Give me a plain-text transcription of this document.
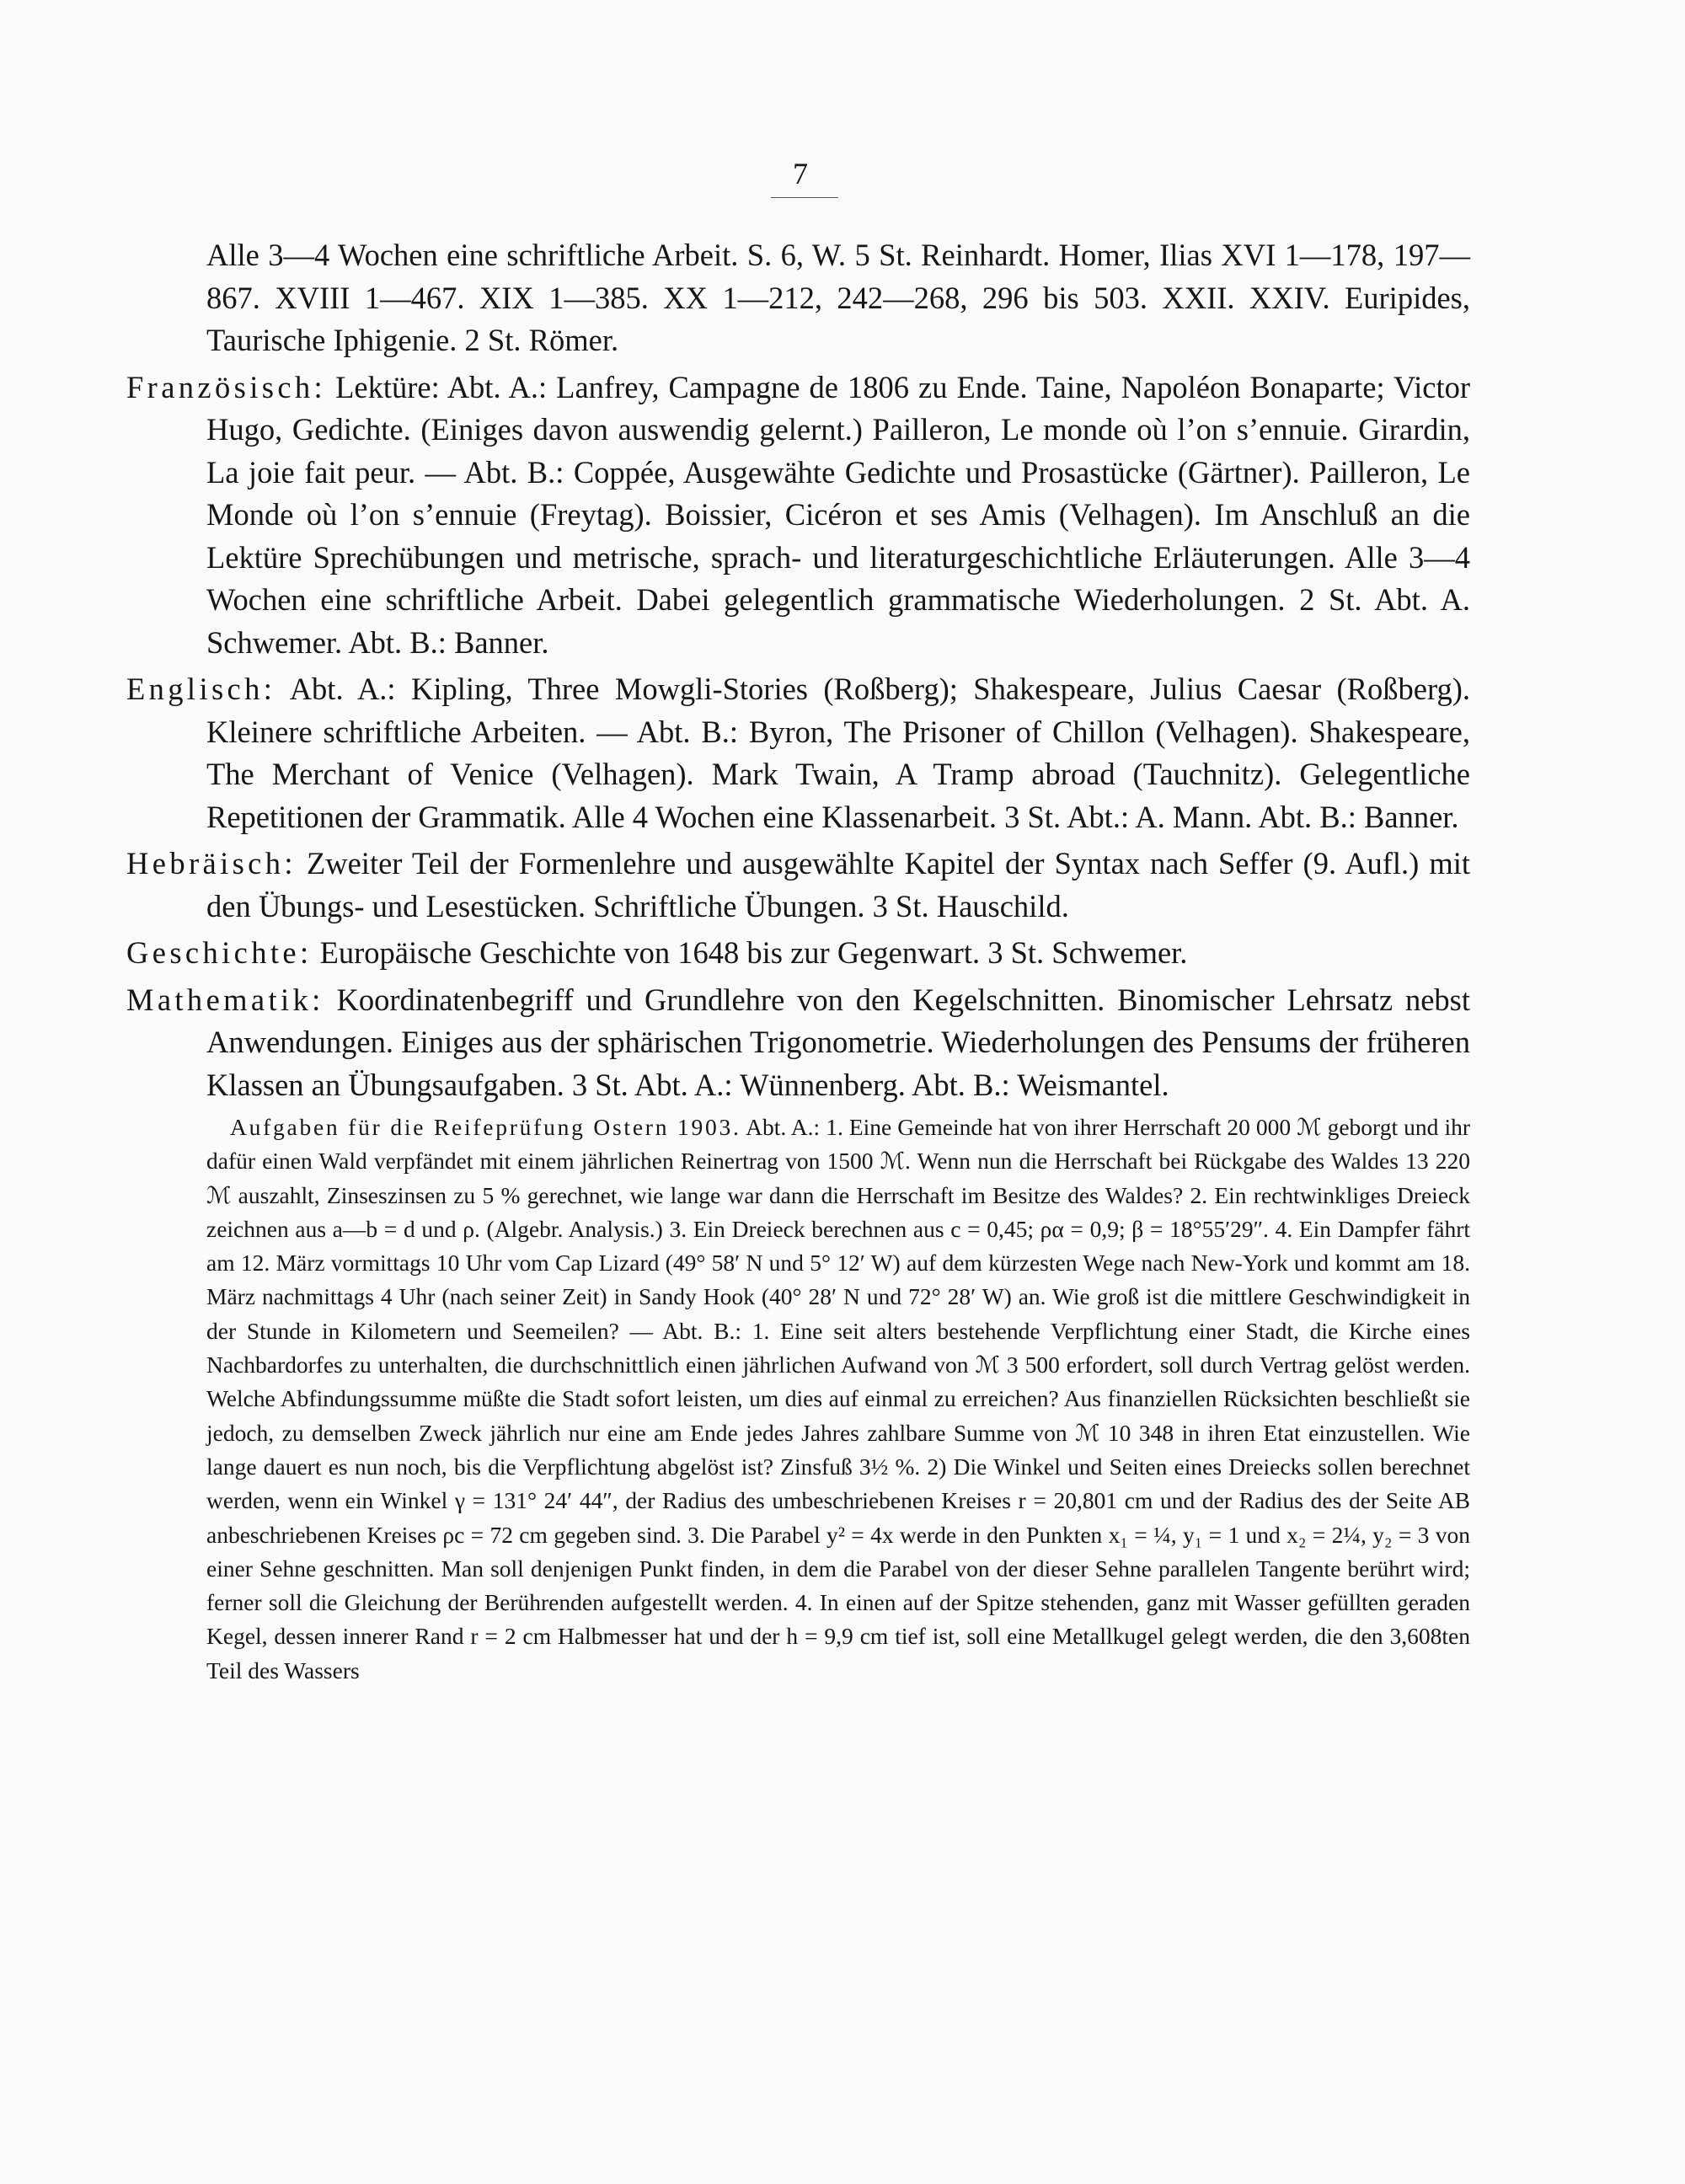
7

Alle 3—4 Wochen eine schriftliche Arbeit. S. 6, W. 5 St. Reinhardt. Homer, Ilias XVI 1—178, 197—867. XVIII 1—467. XIX 1—385. XX 1—212, 242—268, 296 bis 503. XXII. XXIV. Euripides, Taurische Iphigenie. 2 St. Römer.

Französisch: Lektüre: Abt. A.: Lanfrey, Campagne de 1806 zu Ende. Taine, Napoléon Bonaparte; Victor Hugo, Gedichte. (Einiges davon auswendig gelernt.) Pailleron, Le monde où l’on s’ennuie. Girardin, La joie fait peur. — Abt. B.: Coppée, Ausgewähte Gedichte und Prosastücke (Gärtner). Pailleron, Le Monde où l’on s’ennuie (Freytag). Boissier, Cicéron et ses Amis (Velhagen). Im Anschluß an die Lektüre Sprechübungen und metrische, sprach- und literaturgeschichtliche Erläuterungen. Alle 3—4 Wochen eine schriftliche Arbeit. Dabei gelegentlich grammatische Wiederholungen. 2 St. Abt. A. Schwemer. Abt. B.: Banner.

Englisch: Abt. A.: Kipling, Three Mowgli-Stories (Roßberg); Shakespeare, Julius Caesar (Roßberg). Kleinere schriftliche Arbeiten. — Abt. B.: Byron, The Prisoner of Chillon (Velhagen). Shakespeare, The Merchant of Venice (Velhagen). Mark Twain, A Tramp abroad (Tauchnitz). Gelegentliche Repetitionen der Grammatik. Alle 4 Wochen eine Klassenarbeit. 3 St. Abt.: A. Mann. Abt. B.: Banner.

Hebräisch: Zweiter Teil der Formenlehre und ausgewählte Kapitel der Syntax nach Seffer (9. Aufl.) mit den Übungs- und Lesestücken. Schriftliche Übungen. 3 St. Hauschild.

Geschichte: Europäische Geschichte von 1648 bis zur Gegenwart. 3 St. Schwemer.

Mathematik: Koordinatenbegriff und Grundlehre von den Kegelschnitten. Binomischer Lehrsatz nebst Anwendungen. Einiges aus der sphärischen Trigonometrie. Wiederholungen des Pensums der früheren Klassen an Übungsaufgaben. 3 St. Abt. A.: Wünnenberg. Abt. B.: Weismantel.

Aufgaben für die Reifeprüfung Ostern 1903. Abt. A.: 1. Eine Gemeinde hat von ihrer Herrschaft 20 000 ℳ geborgt und ihr dafür einen Wald verpfändet mit einem jährlichen Reinertrag von 1500 ℳ. Wenn nun die Herrschaft bei Rückgabe des Waldes 13 220 ℳ auszahlt, Zinseszinsen zu 5 % gerechnet, wie lange war dann die Herrschaft im Besitze des Waldes? 2. Ein rechtwinkliges Dreieck zeichnen aus a—b = d und ρ. (Algebr. Analysis.) 3. Ein Dreieck berechnen aus c = 0,45; ρα = 0,9; β = 18°55′29″. 4. Ein Dampfer fährt am 12. März vormittags 10 Uhr vom Cap Lizard (49° 58′ N und 5° 12′ W) auf dem kürzesten Wege nach New-York und kommt am 18. März nachmittags 4 Uhr (nach seiner Zeit) in Sandy Hook (40° 28′ N und 72° 28′ W) an. Wie groß ist die mittlere Geschwindigkeit in der Stunde in Kilometern und Seemeilen? — Abt. B.: 1. Eine seit alters bestehende Verpflichtung einer Stadt, die Kirche eines Nachbardorfes zu unterhalten, die durchschnittlich einen jährlichen Aufwand von ℳ 3 500 erfordert, soll durch Vertrag gelöst werden. Welche Abfindungssumme müßte die Stadt sofort leisten, um dies auf einmal zu erreichen? Aus finanziellen Rücksichten beschließt sie jedoch, zu demselben Zweck jährlich nur eine am Ende jedes Jahres zahlbare Summe von ℳ 10 348 in ihren Etat einzustellen. Wie lange dauert es nun noch, bis die Verpflichtung abgelöst ist? Zinsfuß 3½ %. 2) Die Winkel und Seiten eines Dreiecks sollen berechnet werden, wenn ein Winkel γ = 131° 24′ 44″, der Radius des umbeschriebenen Kreises r = 20,801 cm und der Radius des der Seite AB anbeschriebenen Kreises ρc = 72 cm gegeben sind. 3. Die Parabel y² = 4x werde in den Punkten x₁ = ¼, y₁ = 1 und x₂ = 2¼, y₂ = 3 von einer Sehne geschnitten. Man soll denjenigen Punkt finden, in dem die Parabel von der dieser Sehne parallelen Tangente berührt wird; ferner soll die Gleichung der Berührenden aufgestellt werden. 4. In einen auf der Spitze stehenden, ganz mit Wasser gefüllten geraden Kegel, dessen innerer Rand r = 2 cm Halbmesser hat und der h = 9,9 cm tief ist, soll eine Metallkugel gelegt werden, die den 3,608ten Teil des Wassers
